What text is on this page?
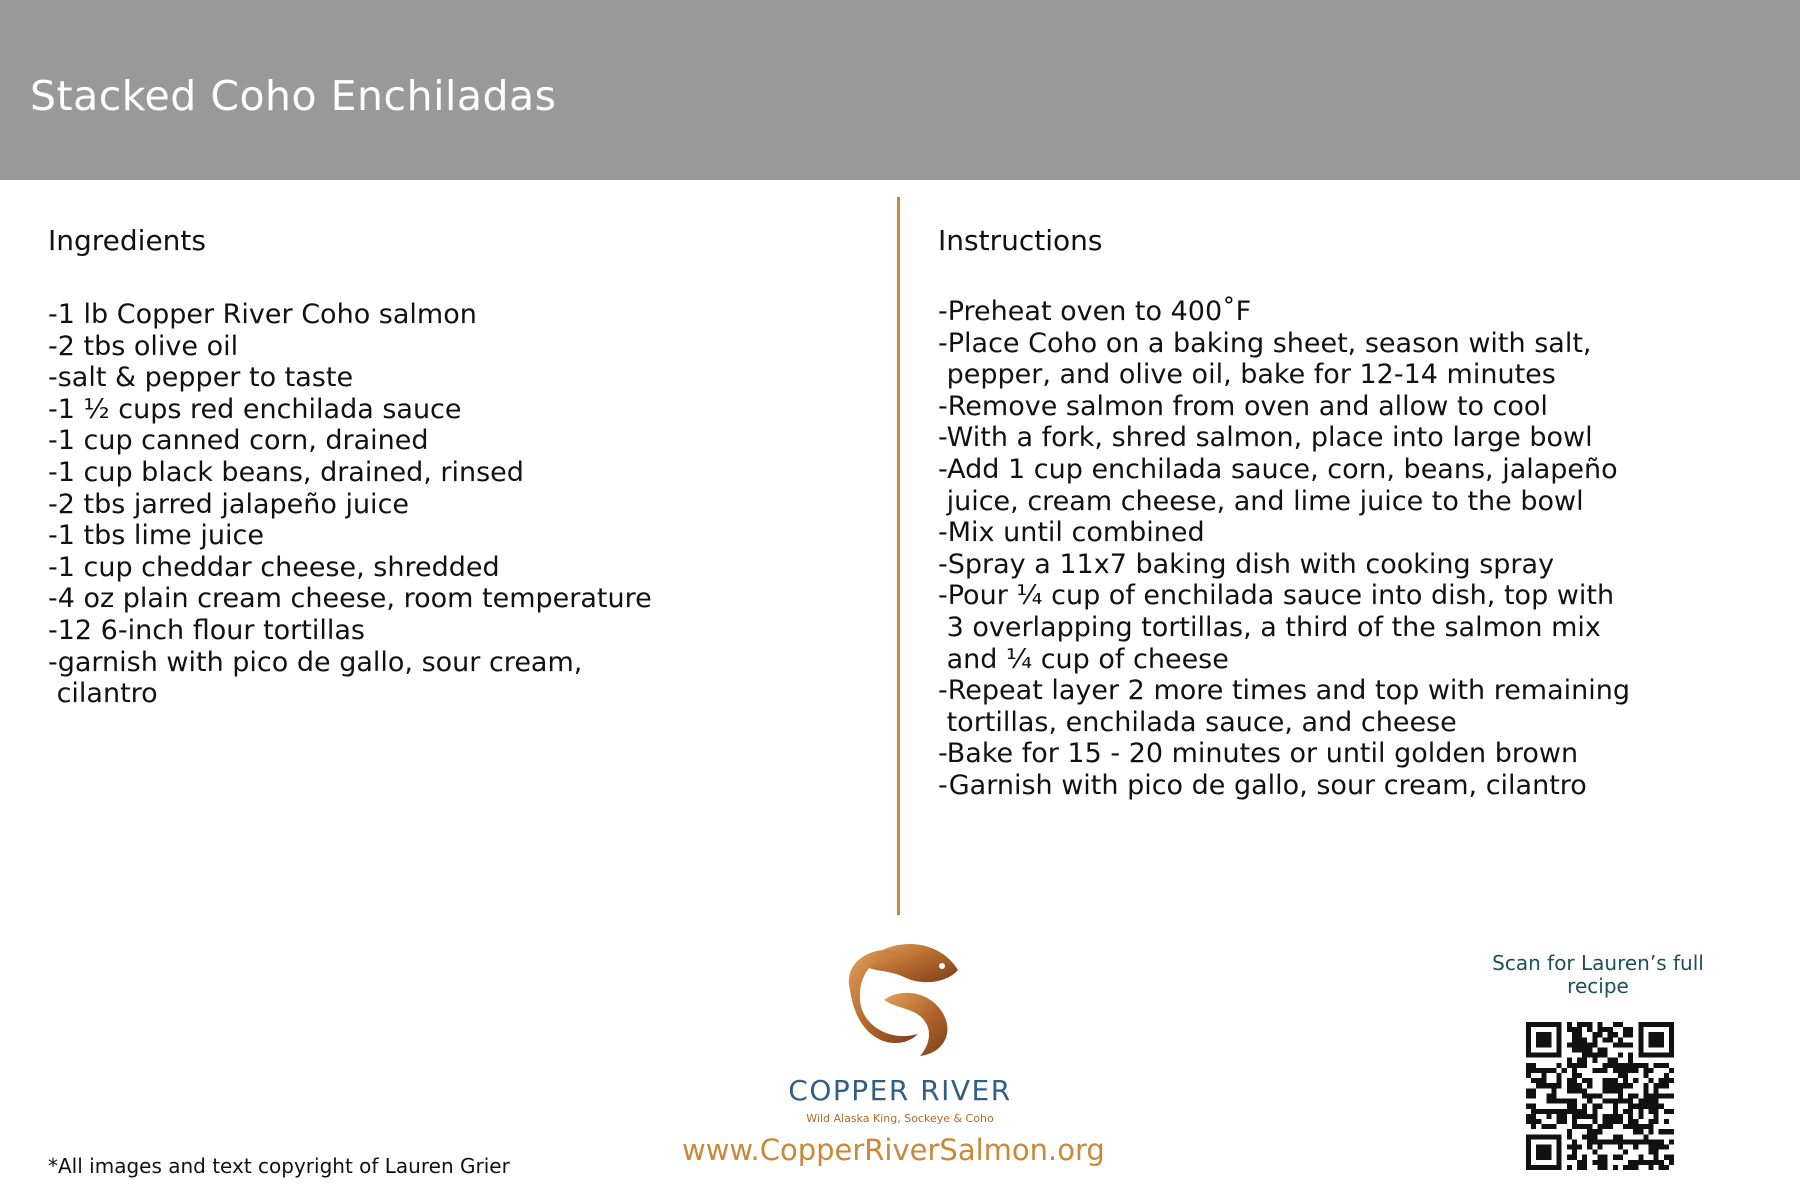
Stacked Coho Enchiladas
Ingredients
-1 lb Copper River Coho salmon
-2 tbs olive oil
-salt & pepper to taste
-1 ½ cups red enchilada sauce
-1 cup canned corn, drained
-1 cup black beans, drained, rinsed
-2 tbs jarred jalapeño juice
-1 tbs lime juice
-1 cup cheddar cheese, shredded
-4 oz plain cream cheese, room temperature
-12 6-inch flour tortillas
-garnish with pico de gallo, sour cream,
cilantro
Instructions
-Preheat oven to 400˚F
-Place Coho on a baking sheet, season with salt,
pepper, and olive oil, bake for 12-14 minutes
-Remove salmon from oven and allow to cool
-With a fork, shred salmon, place into large bowl
-Add 1 cup enchilada sauce, corn, beans, jalapeño
juice, cream cheese, and lime juice to the bowl
-Mix until combined
-Spray a 11x7 baking dish with cooking spray
-Pour ¼ cup of enchilada sauce into dish, top with
3 overlapping tortillas, a third of the salmon mix
and ¼ cup of cheese
-Repeat layer 2 more times and top with remaining
tortillas, enchilada sauce, and cheese
-Bake for 15 - 20 minutes or until golden brown
-Garnish with pico de gallo, sour cream, cilantro
COPPER RIVER
Wild Alaska King, Sockeye & Coho
www.CopperRiverSalmon.org
*All images and text copyright of Lauren Grier
Scan for Lauren’s full recipe
